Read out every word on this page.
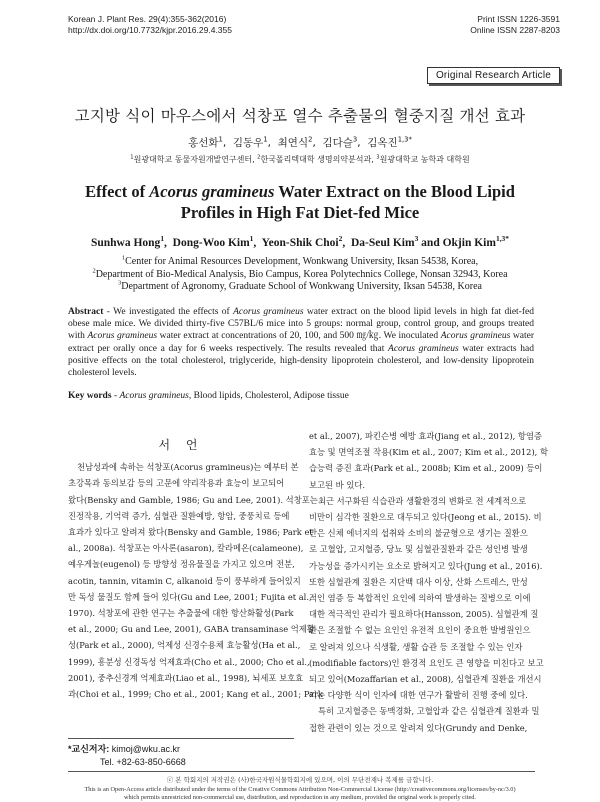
Korean J. Plant Res. 29(4):355-362(2016)
http://dx.doi.org/10.7732/kjpr.2016.29.4.355
Print ISSN 1226-3591
Online ISSN 2287-8203
Original Research Article
고지방 식이 마우스에서 석창포 열수 추출물의 혈중지질 개선 효과
홍선화$^1$,  김동우$^1$,  최연식$^2$,  김다슬$^3$,  김옥진$^{1,3*}$
$^1$원광대학교 동물자원개발연구센터, $^2$한국폴리텍대학 생명의약분석과, $^3$원광대학교 농학과 대학원
Effect of Acorus gramineus Water Extract on the Blood Lipid Profiles in High Fat Diet-fed Mice
Sunhwa Hong$^1$,  Dong-Woo Kim$^1$,  Yeon-Shik Choi$^2$,  Da-Seul Kim$^3$ and Okjin Kim$^{1,3*}$
$^1$Center for Animal Resources Development, Wonkwang University, Iksan 54538, Korea,
$^2$Department of Bio-Medical Analysis, Bio Campus, Korea Polytechnics College, Nonsan 32943, Korea
$^3$Department of Agronomy, Graduate School of Wonkwang University, Iksan 54538, Korea
Abstract - We investigated the effects of Acorus gramineus water extract on the blood lipid levels in high fat diet-fed obese male mice. We divided thirty-five C57BL/6 mice into 5 groups: normal group, control group, and groups treated with Acorus gramineus water extract at concentrations of 20, 100, and 500 ㎎/㎏. We inoculated Acorus gramineus water extract per orally once a day for 6 weeks respectively. The results revealed that Acorus gramineus water extracts had positive effects on the total cholesterol, triglyceride, high-density lipoprotein cholesterol, and low-density lipoprotein cholesterol levels.
Key words - Acorus gramineus, Blood lipids, Cholesterol, Adipose tissue
서 언
천남성과에 속하는 석창포(Acorus gramineus)는 예부터 본
초강목과 동의보감 등의 고문에 약리작용과 효능이 보고되어
왔다(Bensky and Gamble, 1986; Gu and Lee, 2001). 석창포는
진정작용, 기억력 증가, 심혈관 질환예방, 항암, 중풍치료 등에
효과가 있다고 알려져 왔다(Bensky and Gamble, 1986; Park et
al., 2008a). 석창포는 아사론(asaron), 칼라메온(calameone),
예우게놀(eugenol) 등 방향성 정유물질을 가지고 있으며 전분,
acotin, tannin, vitamin C, alkanoid 등이 풍부하게 들어있지
만 독성 물질도 함께 들어 있다(Gu and Lee, 2001; Fujita et al.,
1970). 석창포에 관한 연구는 추출물에 대한 항산화활성(Park
et al., 2000; Gu and Lee, 2001), GABA transaminase 억제활
성(Park et al., 2000), 억제성 신경수용체 효능활성(Ha et al.,
1999), 흥분성 신경독성 억제효과(Cho et al., 2000; Cho et al.,
2001), 중추신경계 억제효과(Liao et al., 1998), 뇌세포 보호효
과(Choi et al., 1999; Cho et al., 2001; Kang et al., 2001; Park
et al., 2007), 파킨슨병 예방 효과(Jiang et al., 2012), 항염증
효능 및 면역조절 작용(Kim et al., 2007; Kim et al., 2012), 학
습능력 증진 효과(Park et al., 2008b; Kim et al., 2009) 등이
보고된 바 있다.
최근 서구화된 식습관과 생활환경의 변화로 전 세계적으로
비만이 심각한 질환으로 대두되고 있다(Jeong et al., 2015). 비
만은 신체 에너지의 섭취와 소비의 불균형으로 생기는 질환으
로 고혈압, 고지혈증, 당뇨 및 심혈관질환과 같은 성인병 발생
가능성을 증가시키는 요소로 밝혀지고 있다(Jung et al., 2016).
또한 심혈관계 질환은 지단백 대사 이상, 산화 스트레스, 만성
적인 염증 등 복합적인 요인에 의하여 발생하는 질병으로 이에
대한 적극적인 관리가 필요하다(Hansson, 2005). 심혈관계 질
환은 조절할 수 없는 요인인 유전적 요인이 중요한 발병원인으
로 알려져 있으나 식생활, 생활 습관 등 조절할 수 있는 인자
(modifiable factors)인 환경적 요인도 큰 영향을 미친다고 보고
되고 있어(Mozaffarian et al., 2008), 심혈관계 질환을 개선시
키는 다양한 식이 인자에 대한 연구가 활발히 진행 중에 있다.
특히 고지혈증은 동맥경화, 고혈압과 같은 심혈관계 질환과 밀
접한 관련이 있는 것으로 알려져 있다(Grundy and Denke,
*교신저자: kimoj@wku.ac.kr
Tel. +82-63-850-6668
ⓒ 본 학회지의 저작권은 (사)한국자원식물학회지에 있으며, 이의 무단전재나 복제를 금합니다.
This is an Open-Access article distributed under the terms of the Creative Commons Attribution Non-Commercial License (http://creativecommons.org/licenses/by-nc/3.0)
which permits unrestricted non-commercial use, distribution, and reproduction in any medium, provided the original work is properly cited.
